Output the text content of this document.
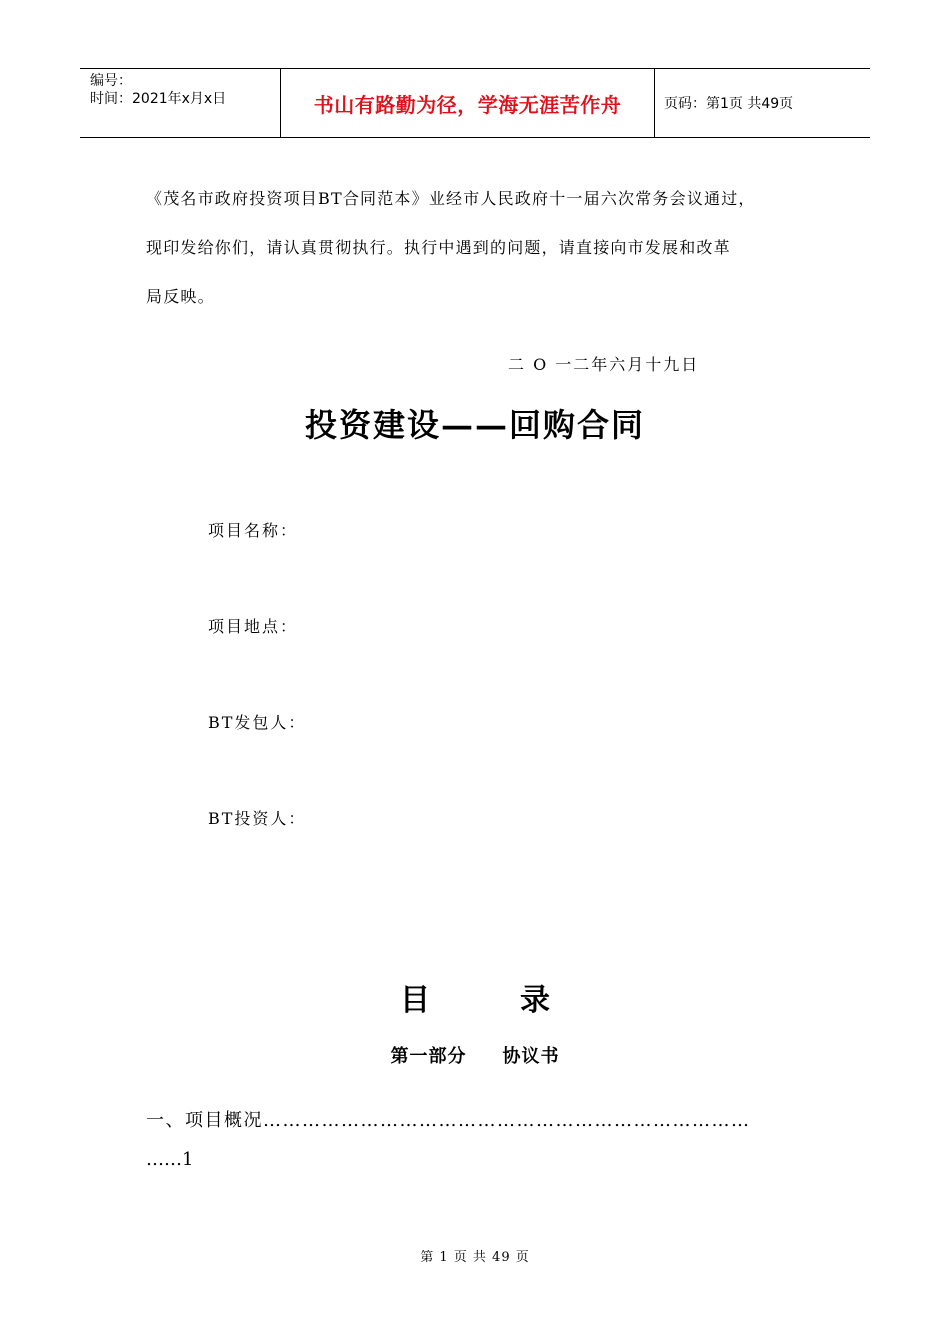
编号：
时间：2021年x月x日	书山有路勤为径，学海无涯苦作舟	页码：第1页 共49页
《茂名市政府投资项目BT合同范本》业经市人民政府十一届六次常务会议通过，
现印发给你们，请认真贯彻执行。执行中遇到的问题，请直接向市发展和改革
局反映。
二 O 一二年六月十九日
投资建设——回购合同
项目名称：
项目地点：
BT发包人：
BT投资人：
目	录
第一部分 协议书
一、项目概况…………………………………………………………………
……1
第 1 页 共 49 页
